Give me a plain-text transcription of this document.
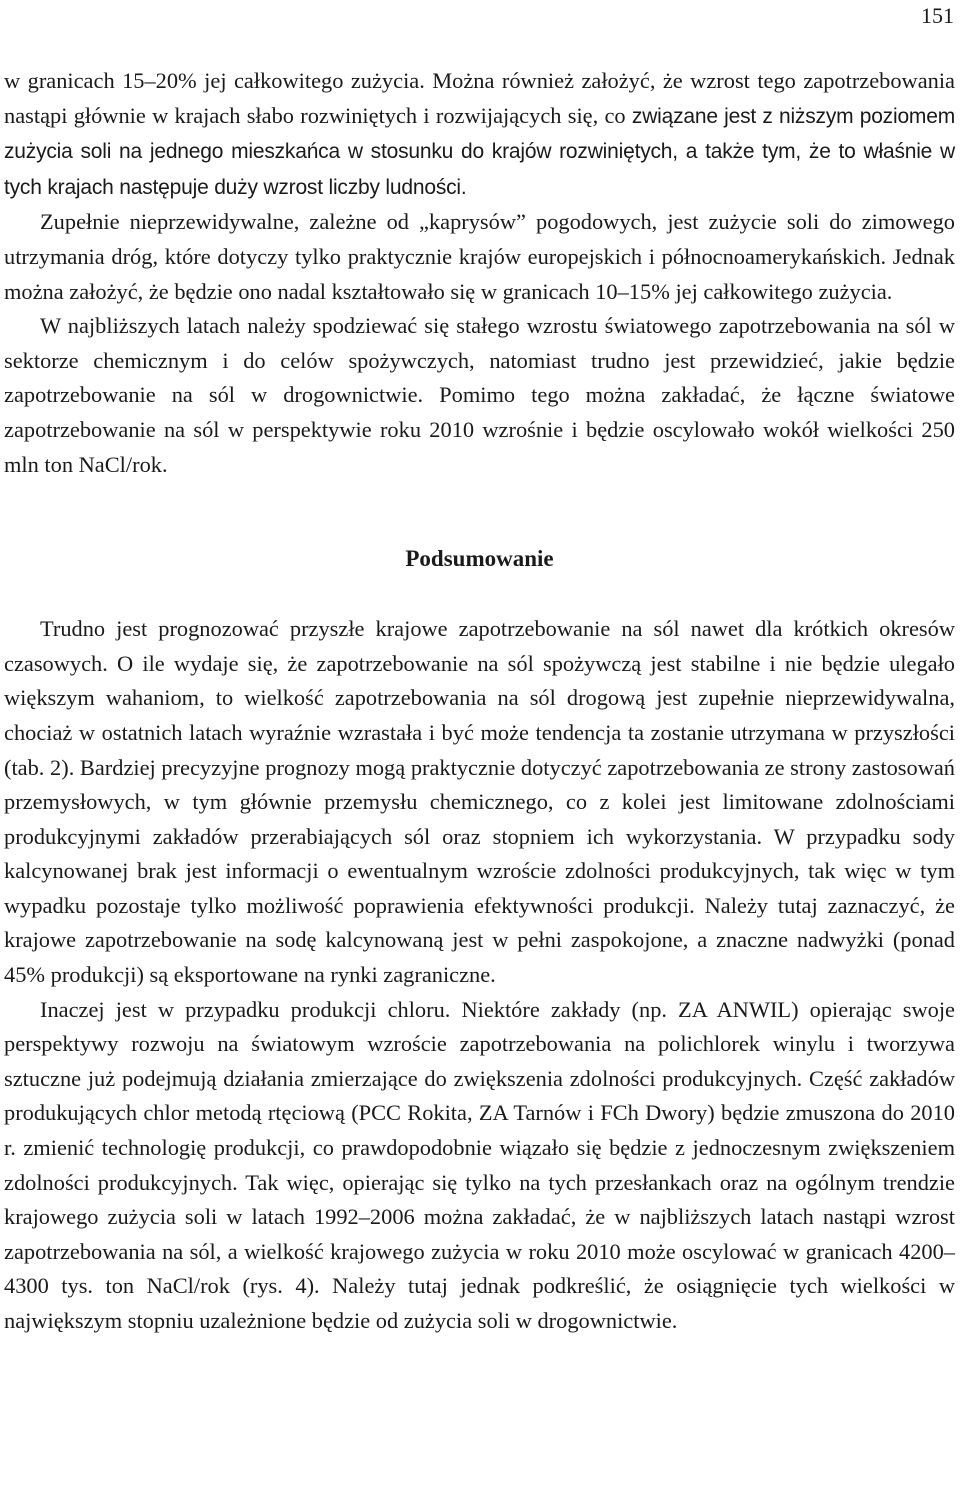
151

w granicach 15–20% jej całkowitego zużycia. Można również założyć, że wzrost tego zapotrzebowania nastąpi głównie w krajach słabo rozwiniętych i rozwijających się, co związane jest z niższym poziomem zużycia soli na jednego mieszkańca w stosunku do krajów rozwiniętych, a także tym, że to właśnie w tych krajach następuje duży wzrost liczby ludności.

Zupełnie nieprzewidywalne, zależne od „kaprysów” pogodowych, jest zużycie soli do zimowego utrzymania dróg, które dotyczy tylko praktycznie krajów europejskich i północnoamerykańskich. Jednak można założyć, że będzie ono nadal kształtowało się w granicach 10–15% jej całkowitego zużycia.

W najbliższych latach należy spodziewać się stałego wzrostu światowego zapotrzebowania na sól w sektorze chemicznym i do celów spożywczych, natomiast trudno jest przewidzieć, jakie będzie zapotrzebowanie na sól w drogownictwie. Pomimo tego można zakładać, że łączne światowe zapotrzebowanie na sól w perspektywie roku 2010 wzrośnie i będzie oscylowało wokół wielkości 250 mln ton NaCl/rok.

Podsumowanie

Trudno jest prognozować przyszłe krajowe zapotrzebowanie na sól nawet dla krótkich okresów czasowych. O ile wydaje się, że zapotrzebowanie na sól spożywczą jest stabilne i nie będzie ulegało większym wahaniom, to wielkość zapotrzebowania na sól drogową jest zupełnie nieprzewidywalna, chociaż w ostatnich latach wyraźnie wzrastała i być może tendencja ta zostanie utrzymana w przyszłości (tab. 2). Bardziej precyzyjne prognozy mogą praktycznie dotyczyć zapotrzebowania ze strony zastosowań przemysłowych, w tym głównie przemysłu chemicznego, co z kolei jest limitowane zdolnościami produkcyjnymi zakładów przerabiających sól oraz stopniem ich wykorzystania. W przypadku sody kalcynowanej brak jest informacji o ewentualnym wzroście zdolności produkcyjnych, tak więc w tym wypadku pozostaje tylko możliwość poprawienia efektywności produkcji. Należy tutaj zaznaczyć, że krajowe zapotrzebowanie na sodę kalcynowaną jest w pełni zaspokojone, a znaczne nadwyżki (ponad 45% produkcji) są eksportowane na rynki zagraniczne.

Inaczej jest w przypadku produkcji chloru. Niektóre zakłady (np. ZA ANWIL) opierając swoje perspektywy rozwoju na światowym wzroście zapotrzebowania na polichlorek winylu i tworzywa sztuczne już podejmują działania zmierzające do zwiększenia zdolności produkcyjnych. Część zakładów produkujących chlor metodą rtęciową (PCC Rokita, ZA Tarnów i FCh Dwory) będzie zmuszona do 2010 r. zmienić technologię produkcji, co prawdopodobnie wiązało się będzie z jednoczesnym zwiększeniem zdolności produkcyjnych. Tak więc, opierając się tylko na tych przesłankach oraz na ogólnym trendzie krajowego zużycia soli w latach 1992–2006 można zakładać, że w najbliższych latach nastąpi wzrost zapotrzebowania na sól, a wielkość krajowego zużycia w roku 2010 może oscylować w granicach 4200–4300 tys. ton NaCl/rok (rys. 4). Należy tutaj jednak podkreślić, że osiągnięcie tych wielkości w największym stopniu uzależnione będzie od zużycia soli w drogownictwie.
